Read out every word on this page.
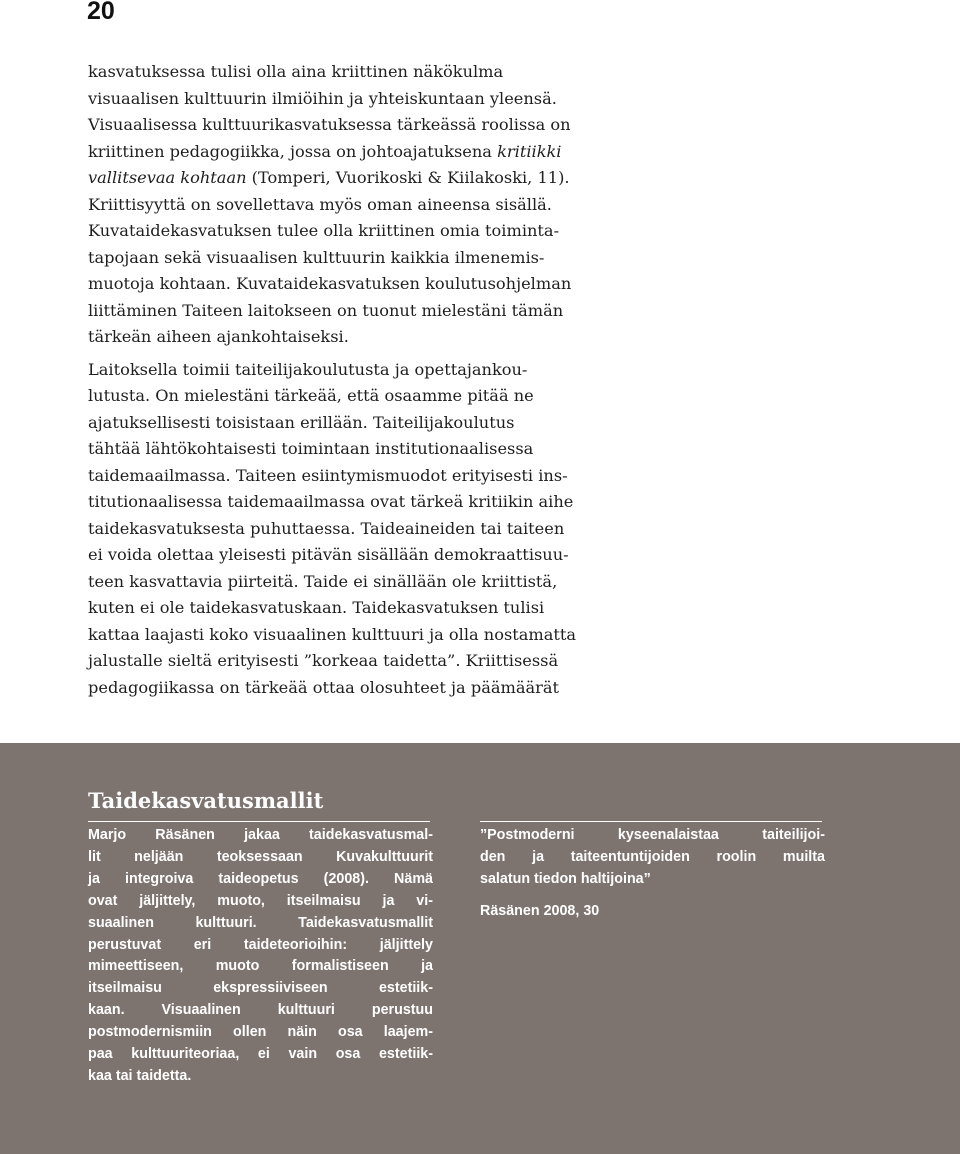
20
kasvatuksessa tulisi olla aina kriittinen näkökulma
visuaalisen kulttuurin ilmiöihin ja yhteiskuntaan yleensä.
Visuaalisessa kulttuurikasvatuksessa tärkeässä roolissa on
kriittinen pedagogiikka, jossa on johtoajatuksena kritiikki
vallitsevaa kohtaan (Tomperi, Vuorikoski & Kiilakoski, 11).
Kriittisyyttä on sovellettava myös oman aineensa sisällä.
Kuvataidekasvatuksen tulee olla kriittinen omia toiminta-
tapojaan sekä visuaalisen kulttuurin kaikkia ilmenemis-
muotoja kohtaan. Kuvataidekasvatuksen koulutusohjelman
liittäminen Taiteen laitokseen on tuonut mielestäni tämän
tärkeän aiheen ajankohtaiseksi.
Laitoksella toimii taiteilijakoulutusta ja opettajankou-
lutusta. On mielestäni tärkeää, että osaamme pitää ne
ajatuksellisesti toisistaan erillään. Taiteilijakoulutus
tähtää lähtökohtaisesti toimintaan institutionaalisessa
taidemaailmassa. Taiteen esiintymismuodot erityisesti ins-
titutionaalisessa taidemaailmassa ovat tärkeä kritiikin aihe
taidekasvatuksesta puhuttaessa. Taideaineiden tai taiteen
ei voida olettaa yleisesti pitävän sisällään demokraattisuu-
teen kasvattavia piirteitä. Taide ei sinällään ole kriittistä,
kuten ei ole taidekasvatuskaan. Taidekasvatuksen tulisi
kattaa laajasti koko visuaalinen kulttuuri ja olla nostamatta
jalustalle sieltä erityisesti ”korkeaa taidetta”. Kriittisessä
pedagogiikassa on tärkeää ottaa olosuhteet ja päämäärät
Taidekasvatusmallit
Marjo Räsänen jakaa taidekasvatusmal-
lit neljään teoksessaan Kuvakulttuurit
ja integroiva taideopetus (2008). Nämä
ovat jäljittely, muoto, itseilmaisu ja vi-
suaalinen kulttuuri. Taidekasvatusmallit
perustuvat eri taideteorioihin: jäljittely
mimeettiseen, muoto formalistiseen ja
itseilmaisu ekspressiiviseen estetiik-
kaan. Visuaalinen kulttuuri perustuu
postmodernismiin ollen näin osa laajem-
paa kulttuuriteoriaa, ei vain osa estetiik-
kaa tai taidetta.
”Postmoderni kyseenalaistaa taiteilijoi-
den ja taiteentuntijoiden roolin muilta
salatun tiedon haltijoina”
Räsänen 2008, 30
